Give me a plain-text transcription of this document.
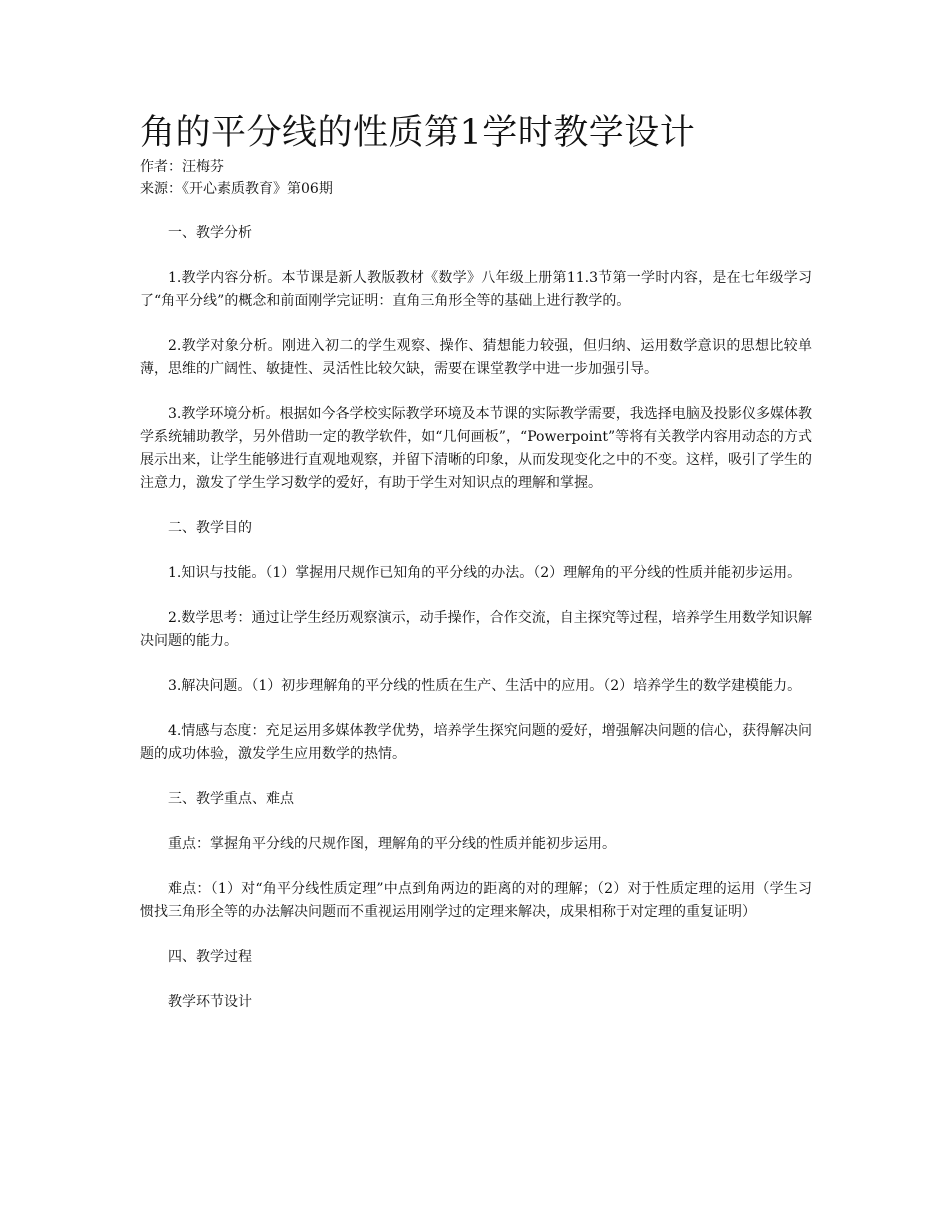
角的平分线的性质第1学时教学设计

作者：汪梅芬

来源：《开心素质教育》第06期

一、教学分析

1.教学内容分析。本节课是新人教版教材《数学》八年级上册第11.3节第一学时内容，是在七年级学习了“角平分线”的概念和前面刚学完证明：直角三角形全等的基础上进行教学的。

2.教学对象分析。刚进入初二的学生观察、操作、猜想能力较强，但归纳、运用数学意识的思想比较单薄，思维的广阔性、敏捷性、灵活性比较欠缺，需要在课堂教学中进一步加强引导。

3.教学环境分析。根据如今各学校实际教学环境及本节课的实际教学需要，我选择电脑及投影仪多媒体教学系统辅助教学，另外借助一定的教学软件，如“几何画板”，“Powerpoint”等将有关教学内容用动态的方式展示出来，让学生能够进行直观地观察，并留下清晰的印象，从而发现变化之中的不变。这样，吸引了学生的注意力，激发了学生学习数学的爱好，有助于学生对知识点的理解和掌握。

二、教学目的

1.知识与技能。（1）掌握用尺规作已知角的平分线的办法。（2）理解角的平分线的性质并能初步运用。

2.数学思考：通过让学生经历观察演示，动手操作，合作交流，自主探究等过程，培养学生用数学知识解决问题的能力。

3.解决问题。（1）初步理解角的平分线的性质在生产、生活中的应用。（2）培养学生的数学建模能力。

4.情感与态度：充足运用多媒体教学优势，培养学生探究问题的爱好，增强解决问题的信心，获得解决问题的成功体验，激发学生应用数学的热情。

三、教学重点、难点

重点：掌握角平分线的尺规作图，理解角的平分线的性质并能初步运用。

难点：（1）对“角平分线性质定理”中点到角两边的距离的对的理解；（2）对于性质定理的运用（学生习惯找三角形全等的办法解决问题而不重视运用刚学过的定理来解决，成果相称于对定理的重复证明）

四、教学过程

教学环节设计
